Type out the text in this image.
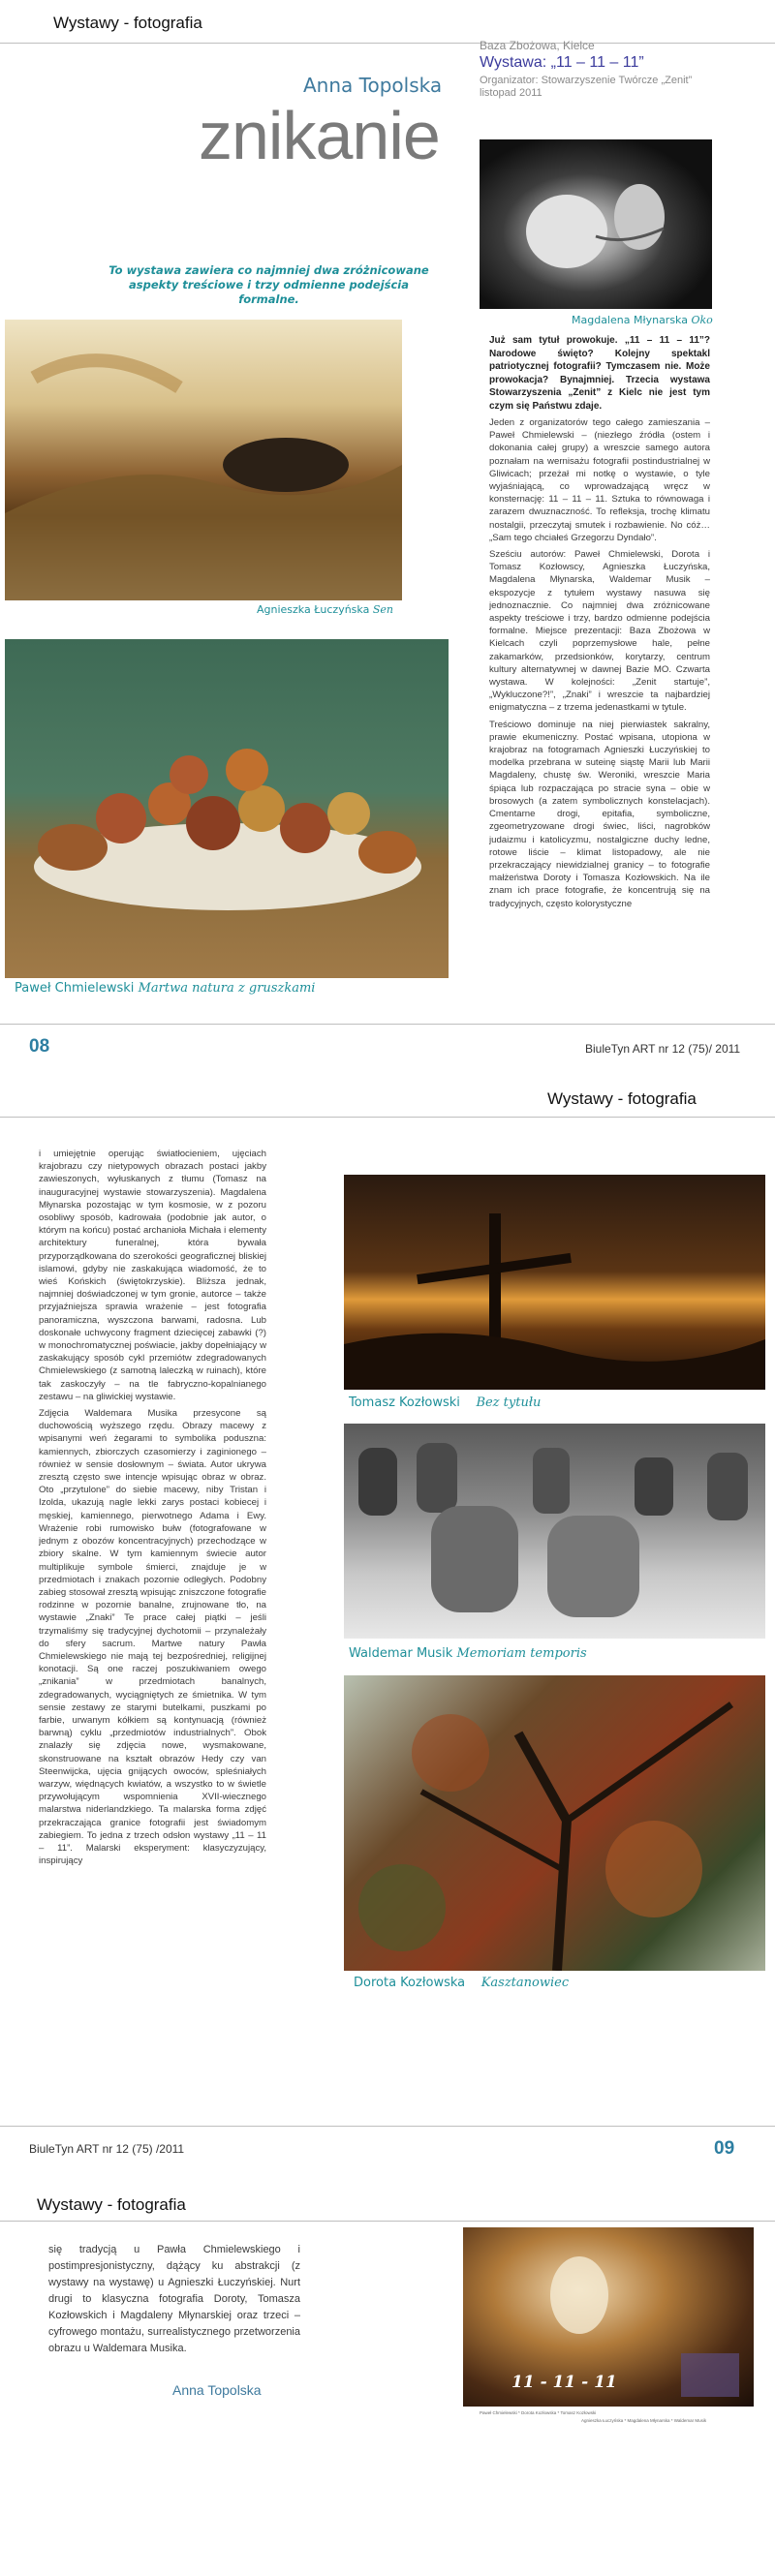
Wystawy - fotografia
Anna Topolska
znikanie
Baza Zbożowa, Kielce
Wystawa: „11 – 11 – 11”
Organizator: Stowarzyszenie Twórcze „Zenit”
listopad 2011
To wystawa zawiera co najmniej dwa zróżnicowane aspekty treściowe i trzy odmienne podejścia formalne.
Magdalena Młynarska Oko
Agnieszka Łuczyńska Sen
Paweł Chmielewski Martwa natura z gruszkami

Już sam tytuł prowokuje. „11 – 11 – 11”? Narodowe święto? Kolejny spektakl patriotycznej fotografii? Tymczasem nie. Może prowokacja? Bynajmniej. Trzecia wystawa Stowarzyszenia „Zenit” z Kielc nie jest tym czym się Państwu zdaje.

Jeden z organizatorów tego całego zamieszania – Paweł Chmielewski – (niezłego źródła (ostem i dokonania całej grupy) a wreszcie samego autora poznałam na wernisażu fotografii postindustrialnej w Gliwicach; przeżał mi notkę o wystawie, o tyle wyjaśniającą, co wprowadzającą wręcz w konsternację: 11 – 11 – 11. Sztuka to równowaga i zarazem dwuznaczność. To refleksja, trochę klimatu nostalgii, przeczytaj smutek i rozbawienie. No cóż… „Sam tego chciałeś Grzegorzu Dyndało”.

Sześciu autorów: Paweł Chmielewski, Dorota i Tomasz Kozłowscy, Agnieszka Łuczyńska, Magdalena Młynarska, Waldemar Musik – ekspozycje z tytułem wystawy nasuwa się jednoznacznie. Co najmniej dwa zróżnicowane aspekty treściowe i trzy, bardzo odmienne podejścia formalne. Miejsce prezentacji: Baza Zbożowa w Kielcach czyli poprzemysłowe hale, pełne zakamarków, przedsionków, korytarzy, centrum kultury alternatywnej w dawnej Bazie MO. Czwarta wystawa. W kolejności: „Zenit startuje”, „Wykluczone?!”, „Znaki” i wreszcie ta najbardziej enigmatyczna – z trzema jedenastkami w tytule.

Treściowo dominuje na niej pierwiastek sakralny, prawie ekumeniczny. Postać wpisana, utopiona w krajobraz na fotogramach Agnieszki Łuczyńskiej to modelka przebrana w suteinę siąstę Marii lub Marii Magdaleny, chustę św. Weroniki, wreszcie Maria śpiąca lub rozpaczająca po stracie syna – obie w brosowych (a zatem symbolicznych konstelacjach). Cmentarne drogi, epitafia, symboliczne, zgeometryzowane drogi świec, liści, nagrobków judaizmu i katolicyzmu, nostalgiczne duchy ledne, rotowe liście – klimat listopadowy, ale nie przekraczający niewidzialnej granicy – to fotografie małżeństwa Doroty i Tomasza Kozłowskich. Na ile znam ich prace fotografie, że koncentrują się na tradycyjnych, często kolorystyczne

08	BiuleTyn ART nr 12 (75)/ 2011
Wystawy - fotografia

i umiejętnie operując światłocieniem, ujęciach krajobrazu czy nietypowych obrazach postaci jakby zawieszonych, wyłuskanych z tłumu (Tomasz na inauguracyjnej wystawie stowarzyszenia). Magdalena Młynarska pozostając w tym kosmosie, w z pozoru osobliwy sposób, kadrowała (podobnie jak autor, o którym na końcu) postać archanioła Michała i elementy architektury funeralnej, która bywała przyporządkowana do szerokości geograficznej bliskiej islamowi, gdyby nie zaskakująca wiadomość, że to wieś Końskich (świętokrzyskie). Bliższa jednak, najmniej doświadczonej w tym gronie, autorce – także przyjaźniejsza sprawia wrażenie – jest fotografia panoramiczna, wyszczona barwami, radosna. Lub doskonałe uchwycony fragment dziecięcej zabawki (?) w monochromatycznej poświacie, jakby dopełniający w zaskakujący sposób cykl przemiótw zdegradowanych Chmielewskiego (z samotną laleczką w ruinach), które tak zaskoczyły – na tle fabryczno-kopalnianego zestawu – na gliwickiej wystawie.

Zdjęcia Waldemara Musika przesycone są duchowością wyższego rzędu. Obrazy macewy z wpisanymi weń żegarami to symbolika poduszna: kamiennych, zbiorczych czasomierzy i zaginionego – również w sensie dosłownym – świata. Autor ukrywa zresztą często swe intencje wpisując obraz w obraz. Oto „przytulone” do siebie macewy, niby Tristan i Izolda, ukazują nagle lekki zarys postaci kobiecej i męskiej, kamiennego, pierwotnego Adama i Ewy. Wrażenie robi rumowisko bułw (fotografowane w jednym z obozów koncentracyjnych) przechodzące w zbiory skalne. W tym kamiennym świecie autor multiplikuje symbole śmierci, znajduje je w przedmiotach i znakach pozornie odległych. Podobny zabieg stosował zresztą wpisując zniszczone fotografie rodzinne w pozornie banalne, zrujnowane tło, na wystawie „Znaki” Te prace całej piątki – jeśli trzymaliśmy się tradycyjnej dychotomii – przynależały do sfery sacrum. Martwe natury Pawła Chmielewskiego nie mają tej bezpośredniej, religijnej konotacji. Są one raczej poszukiwaniem owego „znikania” w przedmiotach banalnych, zdegradowanych, wyciągniętych ze śmietnika. W tym sensie zestawy ze starymi butelkami, puszkami po farbie, urwanym kółkiem są kontynuacją (również barwną) cyklu „przedmiotów industrialnych”. Obok znalazły się zdjęcia nowe, wysmakowane, skonstruowane na kształt obrazów Hedy czy van Steenwijcka, ujęcia gnijących owoców, spleśniałych warzyw, więdnących kwiatów, a wszystko to w świetle przywołującym wspomnienia XVII-wiecznego malarstwa niderlandzkiego. Ta malarska forma zdjęć przekraczająca granice fotografii jest świadomym zabiegiem. To jedna z trzech odsłon wystawy „11 – 11 – 11”. Malarski eksperyment: klasyczyzujący, inspirujący

Tomasz Kozłowski Bez tytułu
Waldemar Musik Memoriam temporis
Dorota Kozłowska Kasztanowiec
BiuleTyn ART nr 12 (75) /2011	09
Wystawy - fotografia
się tradycją u Pawła Chmielewskiego i postimpresjonistyczny, dążący ku abstrakcji (z wystawy na wystawę) u Agnieszki Łuczyńskiej. Nurt drugi to klasyczna fotografia Doroty, Tomasza Kozłowskich i Magdaleny Młynarskiej oraz trzeci – cyfrowego montażu, surrealistycznego przetworzenia obrazu u Waldemara Musika.
Anna Topolska	11 - 11 - 11
Paweł Chmielewski * Dorota Kozłowska * Tomasz Kozłowski
Agnieszka Łuczyńska * Magdalena Młynarska * Waldemar Musik
